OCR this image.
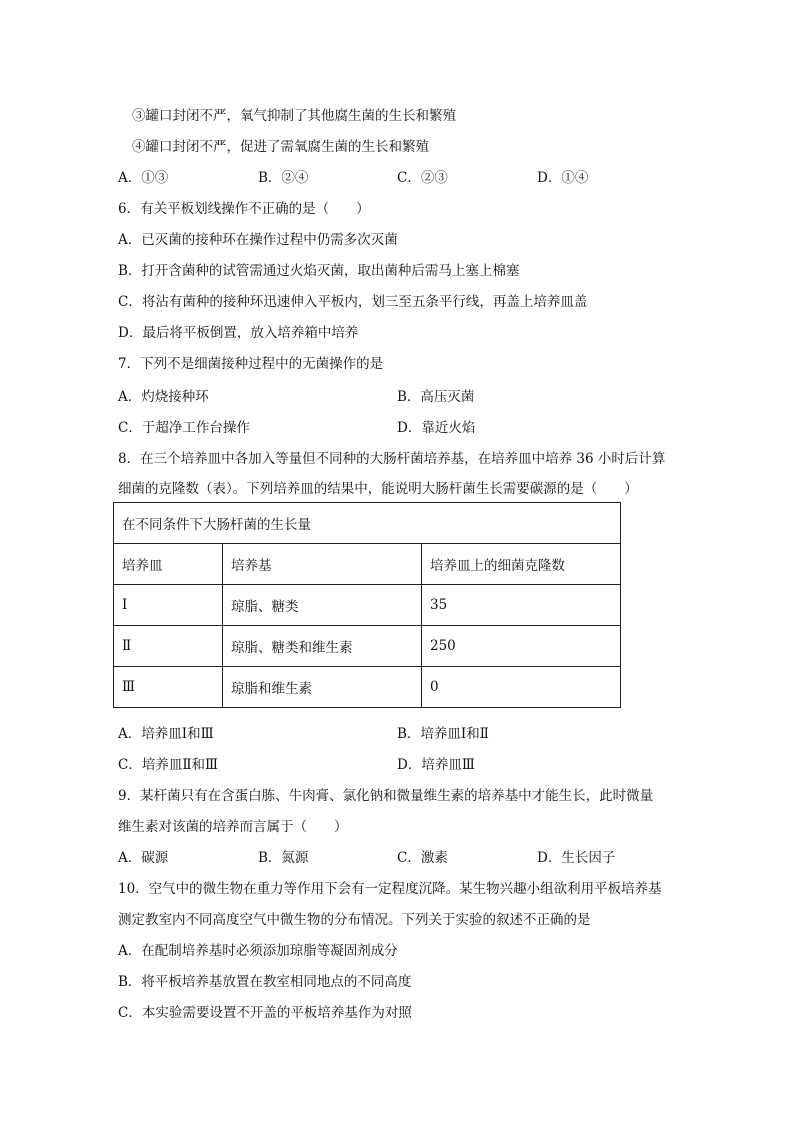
③罐口封闭不严，氧气抑制了其他腐生菌的生长和繁殖
④罐口封闭不严，促进了需氧腐生菌的生长和繁殖
A．①③	B．②④	C．②③	D．①④
6．有关平板划线操作不正确的是（　　）
A．已灭菌的接种环在操作过程中仍需多次灭菌
B．打开含菌种的试管需通过火焰灭菌，取出菌种后需马上塞上棉塞
C．将沾有菌种的接种环迅速伸入平板内，划三至五条平行线，再盖上培养皿盖
D．最后将平板倒置，放入培养箱中培养
7．下列不是细菌接种过程中的无菌操作的是
A．灼烧接种环	B．高压灭菌
C．于超净工作台操作	D．靠近火焰
8．在三个培养皿中各加入等量但不同种的大肠杆菌培养基，在培养皿中培养 36 小时后计算
细菌的克隆数（表）。下列培养皿的结果中，能说明大肠杆菌生长需要碳源的是（　　）
在不同条件下大肠杆菌的生长量		
培养皿	培养基	培养皿上的细菌克隆数
Ⅰ	琼脂、糖类	35
Ⅱ	琼脂、糖类和维生素	250
Ⅲ	琼脂和维生素	0
A．培养皿Ⅰ和Ⅲ	B．培养皿Ⅰ和Ⅱ
C．培养皿Ⅱ和Ⅲ	D．培养皿Ⅲ
9．某杆菌只有在含蛋白胨、牛肉膏、氯化钠和微量维生素的培养基中才能生长，此时微量
维生素对该菌的培养而言属于（　　）
A．碳源	B．氮源	C．激素	D．生长因子
10．空气中的微生物在重力等作用下会有一定程度沉降。某生物兴趣小组欲利用平板培养基
测定教室内不同高度空气中微生物的分布情况。下列关于实验的叙述不正确的是
A．在配制培养基时必须添加琼脂等凝固剂成分
B．将平板培养基放置在教室相同地点的不同高度
C．本实验需要设置不开盖的平板培养基作为对照
